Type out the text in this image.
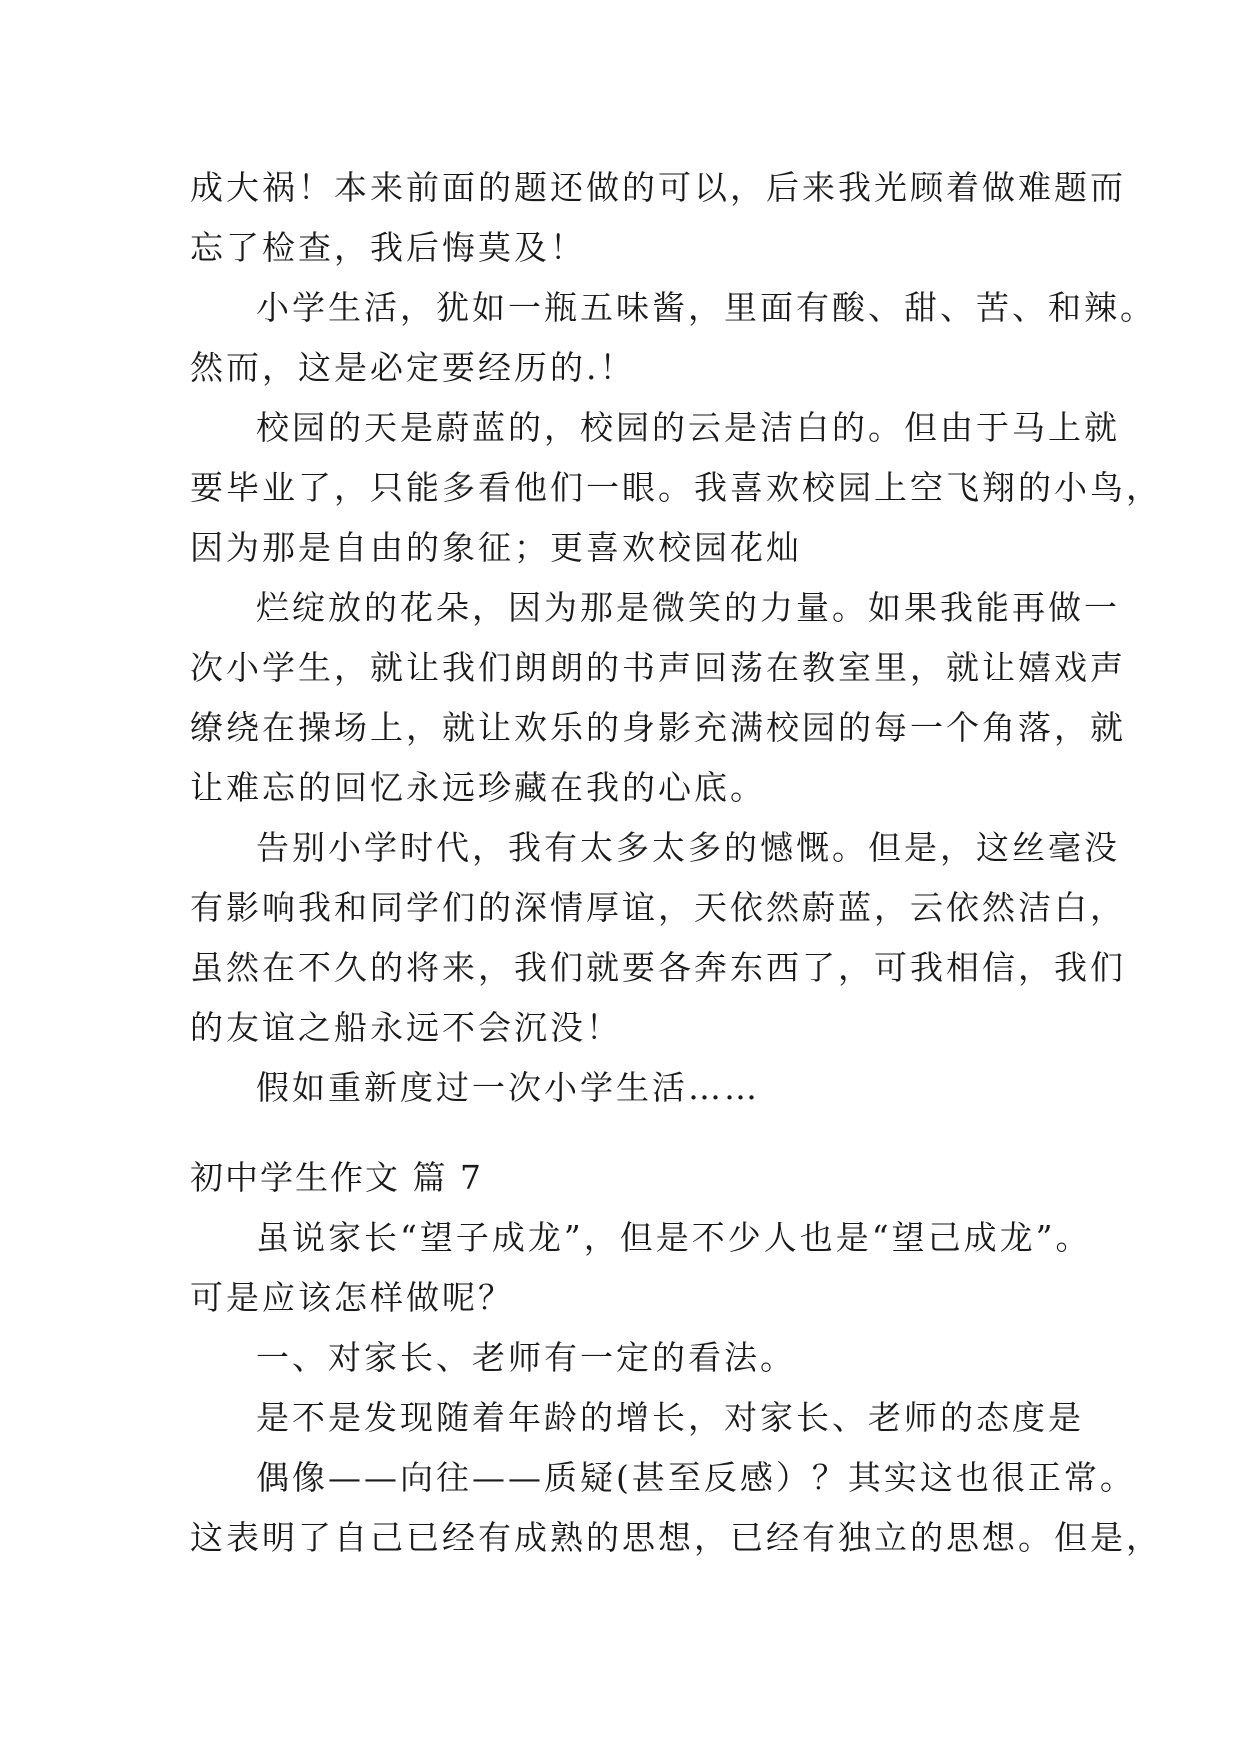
成大祸！本来前面的题还做的可以，后来我光顾着做难题而
忘了检查，我后悔莫及！
小学生活，犹如一瓶五味酱，里面有酸、甜、苦、和辣。
然而，这是必定要经历的.！
校园的天是蔚蓝的，校园的云是洁白的。但由于马上就
要毕业了，只能多看他们一眼。我喜欢校园上空飞翔的小鸟，
因为那是自由的象征；更喜欢校园花灿
烂绽放的花朵，因为那是微笑的力量。如果我能再做一
次小学生，就让我们朗朗的书声回荡在教室里，就让嬉戏声
缭绕在操场上，就让欢乐的身影充满校园的每一个角落，就
让难忘的回忆永远珍藏在我的心底。
告别小学时代，我有太多太多的憾慨。但是，这丝毫没
有影响我和同学们的深情厚谊，天依然蔚蓝，云依然洁白，
虽然在不久的将来，我们就要各奔东西了，可我相信，我们
的友谊之船永远不会沉没！
假如重新度过一次小学生活……
初中学生作文 篇 7
虽说家长“望子成龙”，但是不少人也是“望己成龙”。
可是应该怎样做呢？
一、对家长、老师有一定的看法。
是不是发现随着年龄的增长，对家长、老师的态度是
偶像——向往——质疑(甚至反感）？其实这也很正常。
这表明了自己已经有成熟的思想，已经有独立的思想。但是，
